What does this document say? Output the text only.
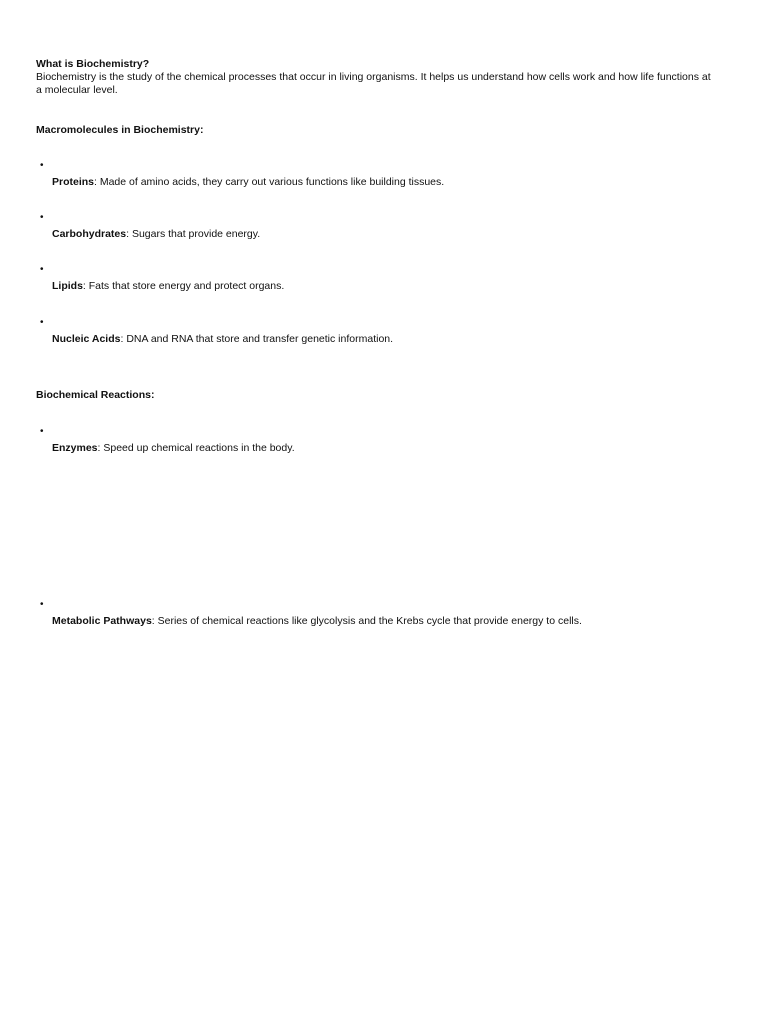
What is Biochemistry?
Biochemistry is the study of the chemical processes that occur in living organisms. It helps us understand how cells work and how life functions at a molecular level.
Macromolecules in Biochemistry:
•
Proteins: Made of amino acids, they carry out various functions like building tissues.
•
Carbohydrates: Sugars that provide energy.
•
Lipids: Fats that store energy and protect organs.
•
Nucleic Acids: DNA and RNA that store and transfer genetic information.
Biochemical Reactions:
•
Enzymes: Speed up chemical reactions in the body.
•
Metabolic Pathways: Series of chemical reactions like glycolysis and the Krebs cycle that provide energy to cells.
